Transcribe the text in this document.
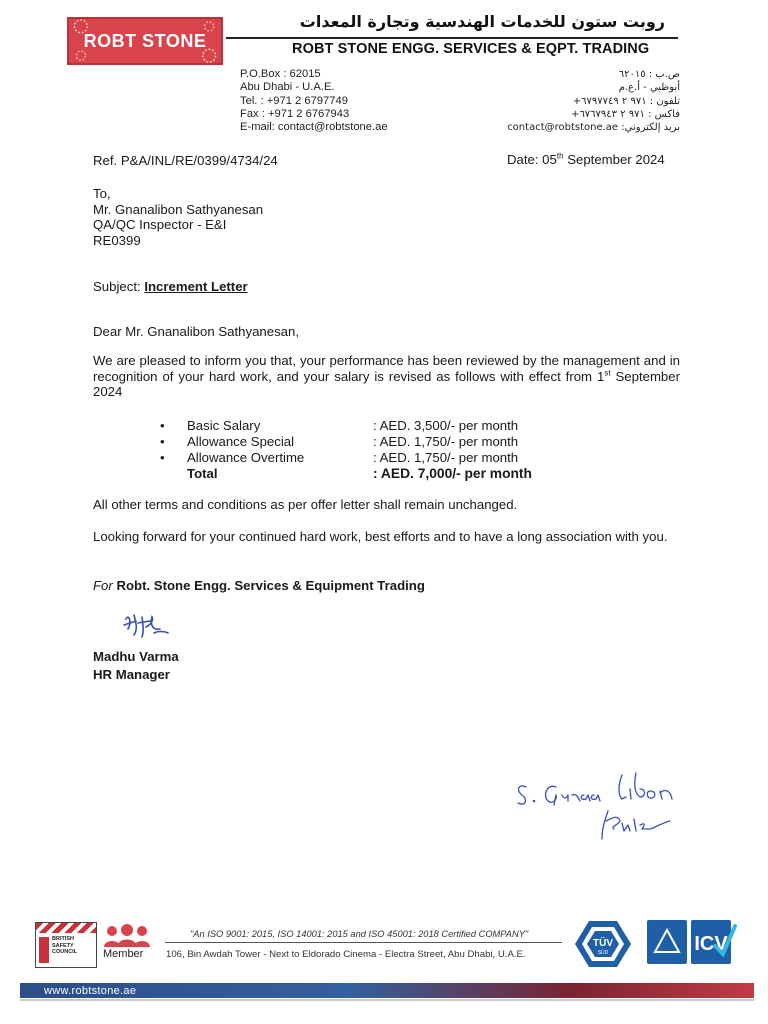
ROBT STONE
روبت ستون للخدمات الهندسية وتجارة المعدات
ROBT STONE ENGG. SERVICES & EQPT. TRADING
P.O.Box : 62015
Abu Dhabi - U.A.E.
Tel. : +971 2 6797749
Fax : +971 2 6767943
E-mail: contact@robtstone.ae
ص.ب : ٦٢٠١٥
أبوظبي - أ.ع.م
تلفون : ٩٧١ ٢ ٦٧٩٧٧٤٩+
فاكس : ٩٧١ ٢ ٦٧٦٧٩٤٣+
بريد إلكتروني: contact@robtstone.ae
Ref. P&A/INL/RE/0399/4734/24	Date: 05th September 2024
To,
Mr. Gnanalibon Sathyanesan
QA/QC Inspector - E&I
RE0399
Subject: Increment Letter
Dear Mr. Gnanalibon Sathyanesan,
We are pleased to inform you that, your performance has been reviewed by the management and in recognition of your hard work, and your salary is revised as follows with effect from 1st September 2024
• Basic Salary	: AED. 3,500/- per month
• Allowance Special	: AED. 1,750/- per month
• Allowance Overtime	: AED. 1,750/- per month
Total	: AED. 7,000/- per month
All other terms and conditions as per offer letter shall remain unchanged.
Looking forward for your continued hard work, best efforts and to have a long association with you.
For Robt. Stone Engg. Services & Equipment Trading
Madhu Varma
HR Manager
S. Gnana Libon
BRITISH
SAFETY
COUNCIL Member
"An ISO 9001: 2015, ISO 14001: 2015 and ISO 45001: 2018 Certified COMPANY"
106, Bin Awdah Tower - Next to Eldorado Cinema - Electra Street, Abu Dhabi, U.A.E.
TÜV
SÜD	ICV
www.robtstone.ae
